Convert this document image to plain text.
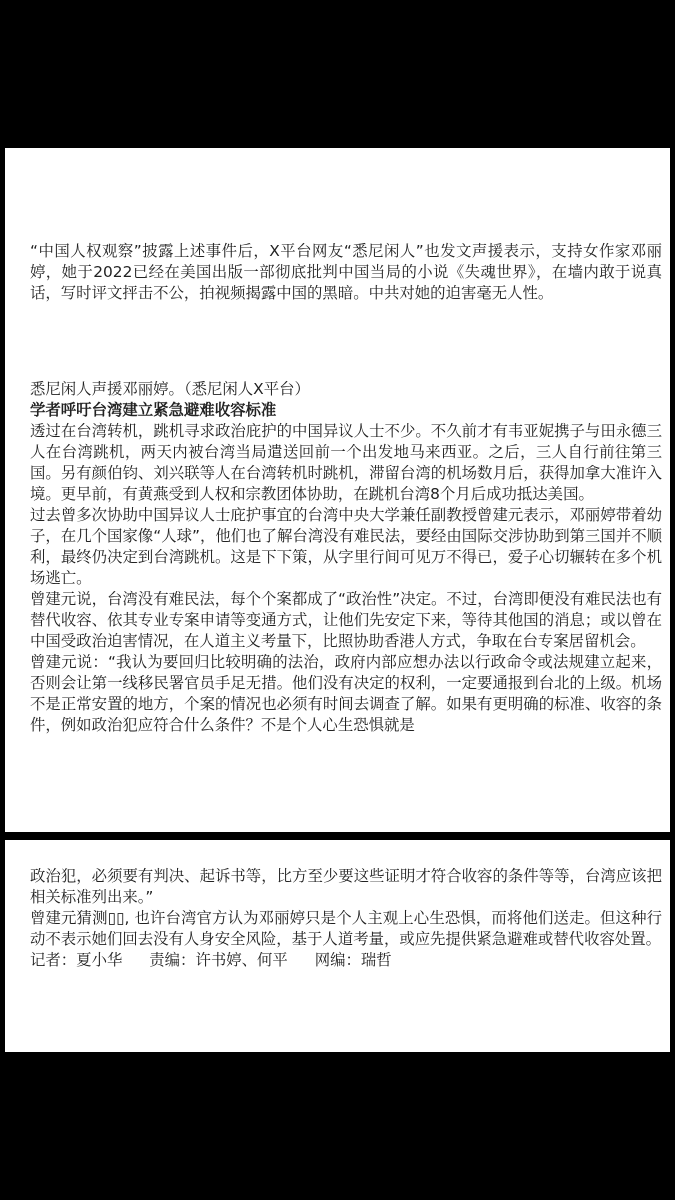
“中国人权观察”披露上述事件后，X平台网友“悉尼闲人”也发文声援表示，支持女作家邓丽婷，她于2022已经在美国出版一部彻底批判中国当局的小说《失魂世界》，在墙内敢于说真话，写时评文抨击不公，拍视频揭露中国的黑暗。中共对她的迫害毫无人性。

悉尼闲人声援邓丽婷。（悉尼闲人X平台）

学者呼吁台湾建立紧急避难收容标准

透过在台湾转机，跳机寻求政治庇护的中国异议人士不少。不久前才有韦亚妮携子与田永德三人在台湾跳机，两天内被台湾当局遣送回前一个出发地马来西亚。之后，三人自行前往第三国。另有颜伯钧、刘兴联等人在台湾转机时跳机，滞留台湾的机场数月后，获得加拿大准许入境。更早前，有黄燕受到人权和宗教团体协助，在跳机台湾8个月后成功抵达美国。

过去曾多次协助中国异议人士庇护事宜的台湾中央大学兼任副教授曾建元表示，邓丽婷带着幼子，在几个国家像“人球”，他们也了解台湾没有难民法，要经由国际交涉协助到第三国并不顺利，最终仍决定到台湾跳机。这是下下策，从字里行间可见万不得已，爱子心切辗转在多个机场逃亡。

曾建元说，台湾没有难民法，每个个案都成了“政治性”决定。不过，台湾即便没有难民法也有替代收容、依其专业专案申请等变通方式，让他们先安定下来，等待其他国的消息；或以曾在中国受政治迫害情况，在人道主义考量下，比照协助香港人方式，争取在台专案居留机会。

曾建元说：“我认为要回归比较明确的法治，政府内部应想办法以行政命令或法规建立起来，否则会让第一线移民署官员手足无措。他们没有决定的权利，一定要通报到台北的上级。机场不是正常安置的地方，个案的情况也必须有时间去调查了解。如果有更明确的标准、收容的条件，例如政治犯应符合什么条件？不是个人心生恐惧就是

政治犯，必须要有判决、起诉书等，比方至少要这些证明才符合收容的条件等等，台湾应该把相关标准列出来。”

曾建元猜测▯▯, 也许台湾官方认为邓丽婷只是个人主观上心生恐惧，而将他们送走。但这种行动不表示她们回去没有人身安全风险，基于人道考量，或应先提供紧急避难或替代收容处置。

记者：夏小华 责编：许书婷、何平 网编：瑞哲
